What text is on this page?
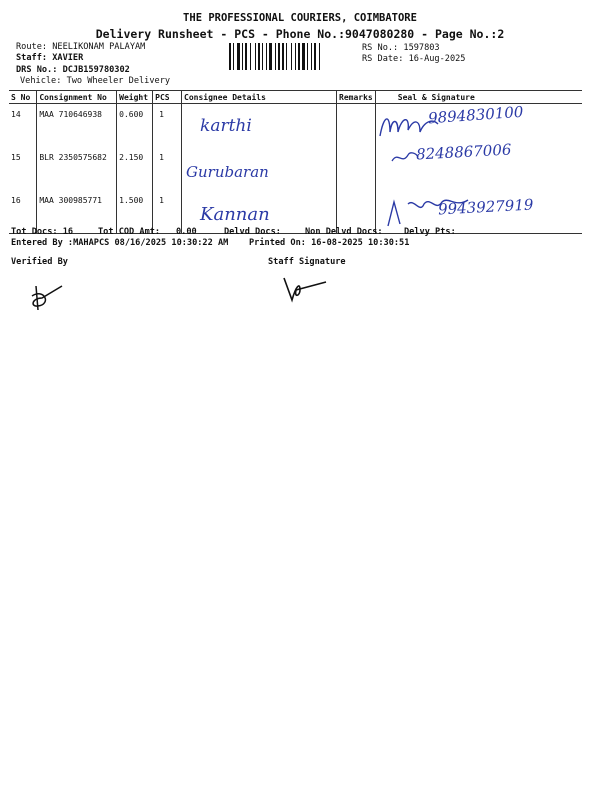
THE PROFESSIONAL COURIERS, COIMBATORE
Delivery Runsheet - PCS - Phone No.:9047080280 - Page No.:2
Route: NEELIKONAM PALAYAM
Staff: XAVIER
DRS No.: DCJB159780302
Vehicle: Two Wheeler Delivery
RS No.: 1597803
RS Date: 16-Aug-2025
S No	Consignment No	Weight	PCS	Consignee Details	Remarks	Seal & Signature
14	MAA 710646938	0.600	1	karthi		9894830100

15	BLR 2350575682	2.150	1	Gurubaran		8248867006

16	MAA 300985771	1.500	1	Kannan		9943927919
Tot Docs: 16	Tot COD Amt: 0.00	Delvd Docs:	Non Delvd Docs: Delvy Pts:
Entered By :MAHAPCS 08/16/2025 10:30:22 AM Printed On: 16-08-2025 10:30:51
Verified By	Staff Signature
